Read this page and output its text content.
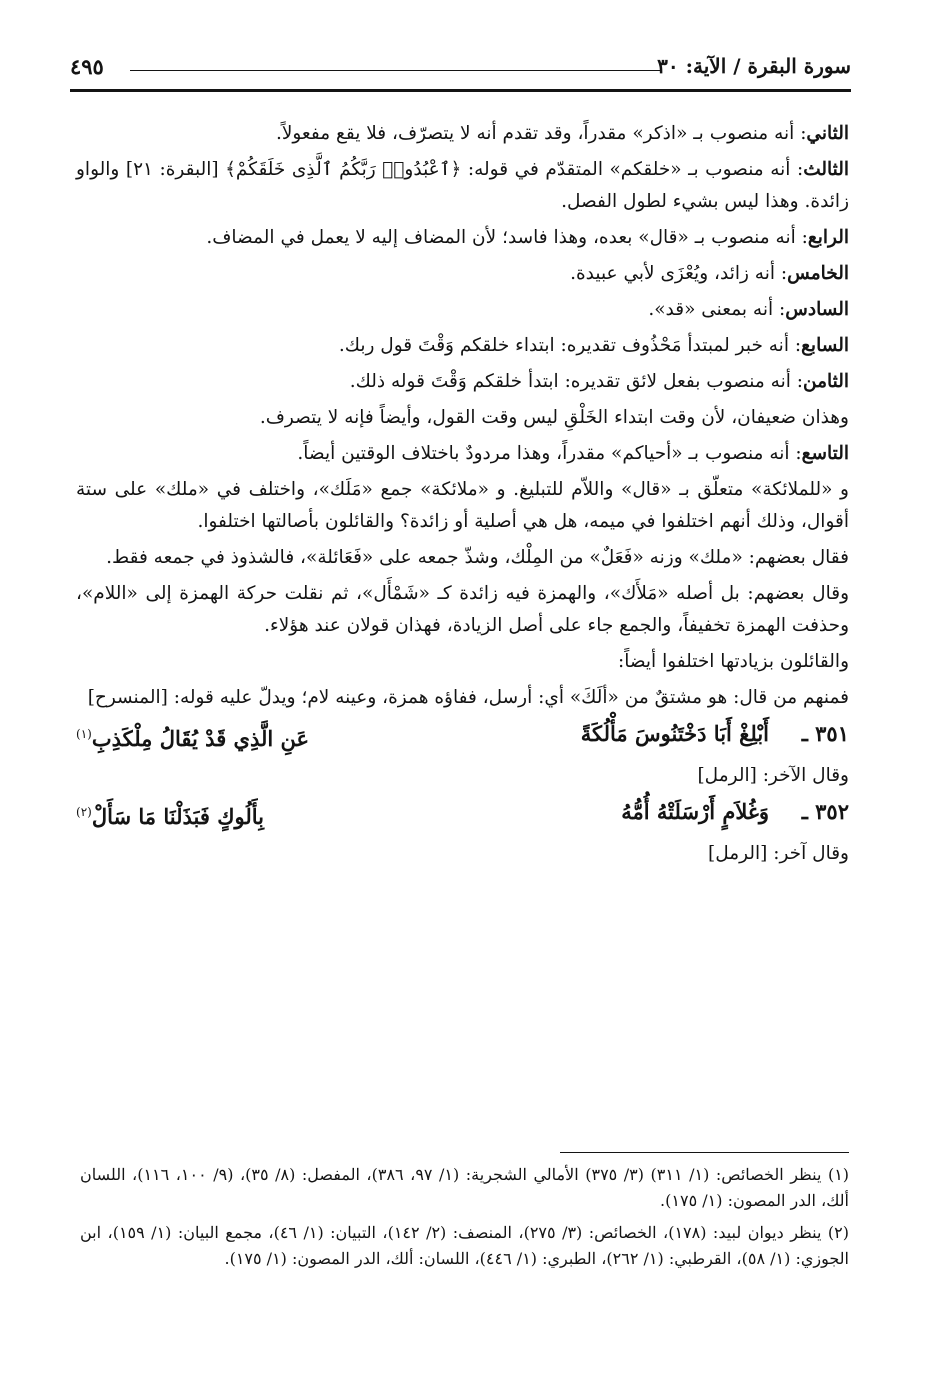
سورة البقرة / الآية: ٣٠
٤٩٥

الثاني: أنه منصوب بـ «اذكر» مقدراً، وقد تقدم أنه لا يتصرّف، فلا يقع مفعولاً.

الثالث: أنه منصوب بـ «خلقكم» المتقدّم في قوله: ﴿ٱعْبُدُوا۟ رَبَّكُمُ ٱلَّذِى خَلَقَكُمْ﴾ [البقرة: ٢١] والواو زائدة. وهذا ليس بشيء لطول الفصل.

الرابع: أنه منصوب بـ «قال» بعده، وهذا فاسد؛ لأن المضاف إليه لا يعمل في المضاف.

الخامس: أنه زائد، ويُعْزَى لأبي عبيدة.

السادس: أنه بمعنى «قد».

السابع: أنه خبر لمبتدأ مَحْذُوف تقديره: ابتداء خلقكم وَقْتَ قول ربك.

الثامن: أنه منصوب بفعل لائق تقديره: ابتدأ خلقكم وَقْتَ قوله ذلك.

وهذان ضعيفان، لأن وقت ابتداء الخَلْقِ ليس وقت القول، وأيضاً فإنه لا يتصرف.

التاسع: أنه منصوب بـ «أحياكم» مقدراً، وهذا مردودٌ باختلاف الوقتين أيضاً.

و «للملائكة» متعلّق بـ «قال» واللاّم للتبليغ. و «ملائكة» جمع «مَلَك»، واختلف في «ملك» على ستة أقوال، وذلك أنهم اختلفوا في ميمه، هل هي أصلية أو زائدة؟ والقائلون بأصالتها اختلفوا.

فقال بعضهم: «ملك» وزنه «فَعَلٌ» من المِلْك، وشذّ جمعه على «فَعَائلة»، فالشذوذ في جمعه فقط.

وقال بعضهم: بل أصله «مَلأَك»، والهمزة فيه زائدة كـ «شَمْأَل»، ثم نقلت حركة الهمزة إلى «اللام»، وحذفت الهمزة تخفيفاً، والجمع جاء على أصل الزيادة، فهذان قولان عند هؤلاء.

والقائلون بزيادتها اختلفوا أيضاً:

فمنهم من قال: هو مشتقٌ من «ألَكَ» أي: أرسل، ففاؤه همزة، وعينه لام؛ ويدلّ عليه قوله: [المنسرح]

٣٥١ ـ
أَبْلِغْ أَبَا دَخْتَنُوسَ مَأْلُكَةً
عَنِ الَّذِي قَدْ يُقَالُ مِلْكَذِبِ$^{(١)}$

وقال الآخر: [الرمل]

٣٥٢ ـ
وَغُلاَمٍ أَرْسَلَتْهُ أُمُّهُ
بِأَلُوكٍ فَبَذَلْنَا مَا سَأَلْ$^{(٢)}$

وقال آخر: [الرمل]

(١) ينظر الخصائص: (١/ ٣١١) (٣/ ٣٧٥) الأمالي الشجرية: (١/ ٩٧، ٣٨٦)، المفصل: (٨/ ٣٥)، (٩/ ١٠٠، ١١٦)، اللسان ألك، الدر المصون: (١/ ١٧٥).

(٢) ينظر ديوان لبيد: (١٧٨)، الخصائص: (٣/ ٢٧٥)، المنصف: (٢/ ١٤٢)، التبيان: (١/ ٤٦)، مجمع البيان: (١/ ١٥٩)، ابن الجوزي: (١/ ٥٨)، القرطبي: (١/ ٢٦٢)، الطبري: (١/ ٤٤٦)، اللسان: ألك، الدر المصون: (١/ ١٧٥).
